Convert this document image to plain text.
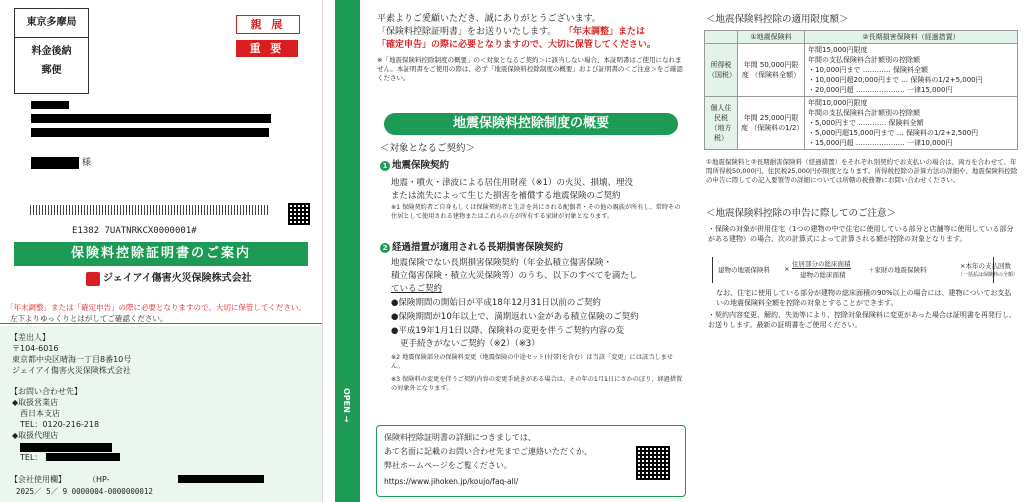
東京多摩局
料金後納
郵便
親 展
重 要
様
E1382 7UATNRKCX0000001#
保険料控除証明書のご案内
ジェイアイ傷害火災保険株式会社
「年末調整」または「確定申告」の際に必要となりますので、大切に保管してください。
左下よりゆっくりとはがしてご確認ください。
【差出人】
〒104-6016
東京都中央区晴海一丁目8番10号
ジェイアイ傷害火災保険株式会社
【お問い合わせ先】
◆取扱営業店
西日本支店
TEL：0120-216-218
◆取扱代理店
TEL：
【会社使用欄】	（HP-
2025／ 5／ 9 0000004-0000000012
OPEN →
平素よりご愛顧いただき、誠にありがとうございます。
「保険料控除証明書」をお送りいたします。 「年末調整」または
「確定申告」の際に必要となりますので、大切に保管してください。
※「地震保険料控除制度の概要」の＜対象となるご契約＞に該当しない場合、本証明書はご使用になれません。本証明書をご使用の際は、必ず「地震保険料控除制度の概要」および証明書の＜ご注意＞をご確認ください。
地震保険料控除制度の概要
＜対象となるご契約＞
1 地震保険契約
地震・噴火・津波による居住用財産（※1）の火災、損壊、埋没
または流失によって生じた損害を補償する地震保険のご契約
※1 保険契約者ご自身もしくは保険契約者と生計を共にされる配偶者・その他の親族が所有し、常時その住居として使用される建物またはこれらの方が所有する家財が対象となります。
2 経過措置が適用される長期損害保険契約
地震保険でない長期損害保険契約（年金払積立傷害保険・
積立傷害保険・積立火災保険等）のうち、以下のすべてを満たし
ているご契約
●保険期間の開始日が平成18年12月31日以前のご契約
●保険期間が10年以上で、満期返れい金がある積立保険のご契約
●平成19年1月1日以降、保険料の変更を伴うご契約内容の変
更手続きがないご契約（※2）（※3）
※2 地震保険部分の保険料変更（地震保険の中途セット(付帯)を含む）は当該「変更」には該当しません。
※3 保険料の変更を伴うご契約内容の変更手続きがある場合は、その年の1月1日にさかのぼり、経過措置の対象外となります。
保険料控除証明書の詳細につきましては、
あて名面に記載のお問い合わせ先までご連絡いただくか、
弊社ホームページをご覧ください。
https://www.jihoken.jp/koujo/faq-all/
＜地震保険料控除の適用限度額＞
	①地震保険料	②長期損害保険料（経過措置）
所得税（国税）	年間 50,000円限度 （保険料全額）	年間15,000円限度
年間の支払保険料合計額別の控除額
・10,000円まで ………… 保険料全額
・10,000円超20,000円まで … 保険料の1/2+5,000円
・20,000円超 ………………… 一律15,000円

個人住民税（地方税）	年間 25,000円限度 （保険料の1/2）	年間10,000円限度
年間の支払保険料合計額別の控除額
・5,000円まで ………… 保険料全額
・5,000円超15,000円まで … 保険料の1/2+2,500円
・15,000円超 ………………… 一律10,000円
①地震保険料と②長期損害保険料（経過措置）をそれぞれ別契約でお支払いの場合は、両方を合わせて、年間所得税50,000円、住民税25,000円が限度となります。所得税控除の計算方法の詳細や、地震保険料控除の申告に際しての記入要領等の詳細については所轄の税務署にお問い合わせください。
＜地震保険料控除の申告に際してのご注意＞
・保険の対象が併用住宅（1つの建物の中で住宅に使用している部分と店舗等に使用している部分がある建物）の場合、次の計算式によって計算される額が控除の対象となります。
建物の地震保険料 ×
住居部分の総床面積
建物の総床面積
＋家財の地震保険料	×本年の支払回数
（一括払は保険料の全額）
なお、住宅に使用している部分が建物の総床面積の90%以上の場合には、建物についてお支払いの地震保険料全額を控除の対象とすることができます。
・契約内容変更、解約、失効等により、控除対象保険料に変更があった場合は証明書を再発行し、お送りします。最新の証明書をご使用ください。
